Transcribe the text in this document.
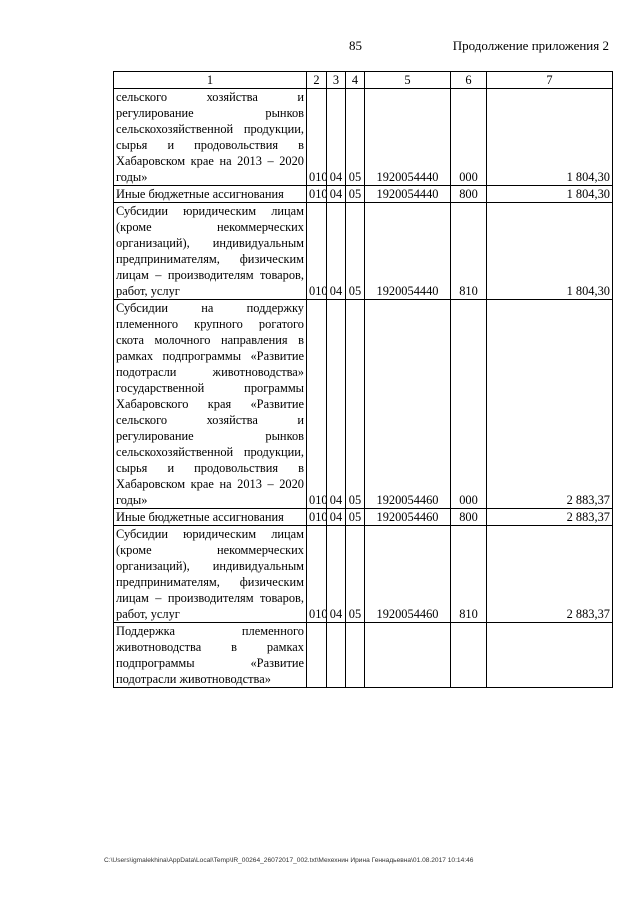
85	Продолжение приложения 2
1	2	3	4	5	6	7
сельского хозяйства и регулирование рынков сельскохозяйственной продукции, сырья и продовольствия в Хабаровском крае на 2013 – 2020 годы»	010	04	05	1920054440	000	1 804,30
Иные бюджетные ассигнования	010	04	05	1920054440	800	1 804,30
Субсидии юридическим лицам (кроме некоммерческих организаций), индивидуальным предпринимателям, физическим лицам – производителям товаров, работ, услуг	010	04	05	1920054440	810	1 804,30
Субсидии на поддержку племенного крупного рогатого скота молочного направления в рамках подпрограммы «Развитие подотрасли животноводства» государственной программы Хабаровского края «Развитие сельского хозяйства и регулирование рынков сельскохозяйственной продукции, сырья и продовольствия в Хабаровском крае на 2013 – 2020 годы»	010	04	05	1920054460	000	2 883,37
Иные бюджетные ассигнования	010	04	05	1920054460	800	2 883,37
Субсидии юридическим лицам (кроме некоммерческих организаций), индивидуальным предпринимателям, физическим лицам – производителям товаров, работ, услуг	010	04	05	1920054460	810	2 883,37
Поддержка племенного животноводства в рамках подпрограммы «Развитие подотрасли животноводства»						
C:\Users\igmalekhina\AppData\Local\Temp\IR_00264_26072017_002.txt\Мехехнин Ирина Геннадьевна\01.08.2017 10:14:46
